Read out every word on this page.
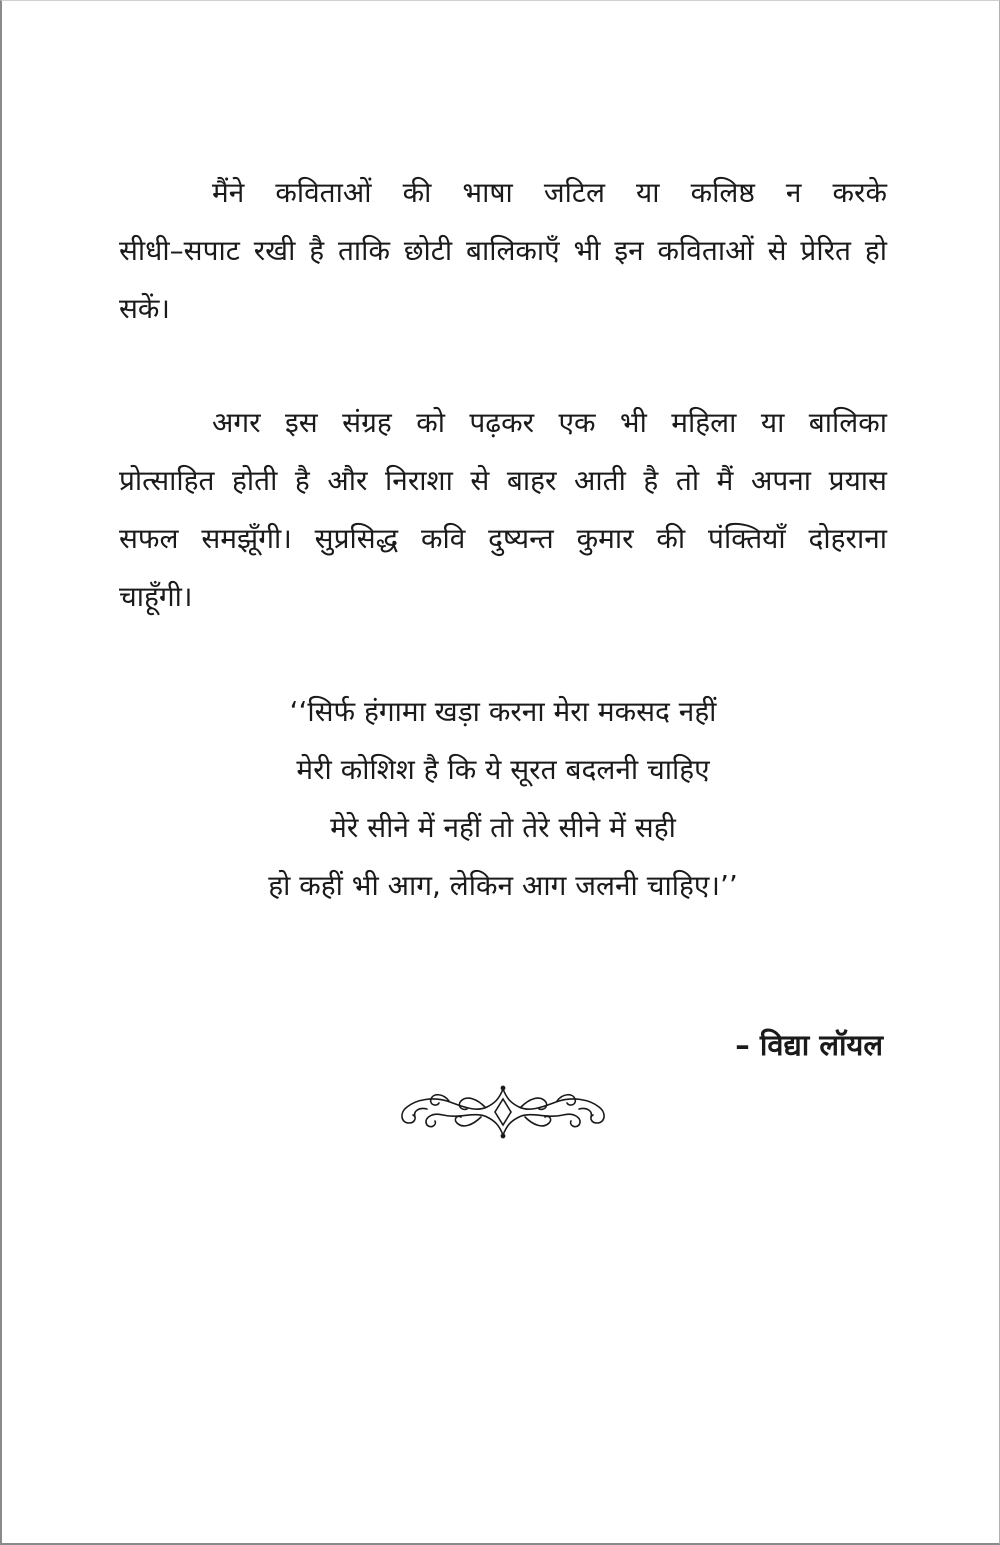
मैंने कविताओं की भाषा जटिल या कलिष्ठ न करके
सीधी–सपाट रखी है ताकि छोटी बालिकाएँ भी इन कविताओं से प्रेरित हो
सकें।
अगर इस संग्रह को पढ़कर एक भी महिला या बालिका
प्रोत्साहित होती है और निराशा से बाहर आती है तो मैं अपना प्रयास
सफल समझूँगी। सुप्रसिद्ध कवि दुष्यन्त कुमार की पंक्तियाँ दोहराना
चाहूँगी।
‘‘सिर्फ हंगामा खड़ा करना मेरा मकसद नहीं
मेरी कोशिश है कि ये सूरत बदलनी चाहिए
मेरे सीने में नहीं तो तेरे सीने में सही
हो कहीं भी आग, लेकिन आग जलनी चाहिए।’’
– विद्या लॉयल
